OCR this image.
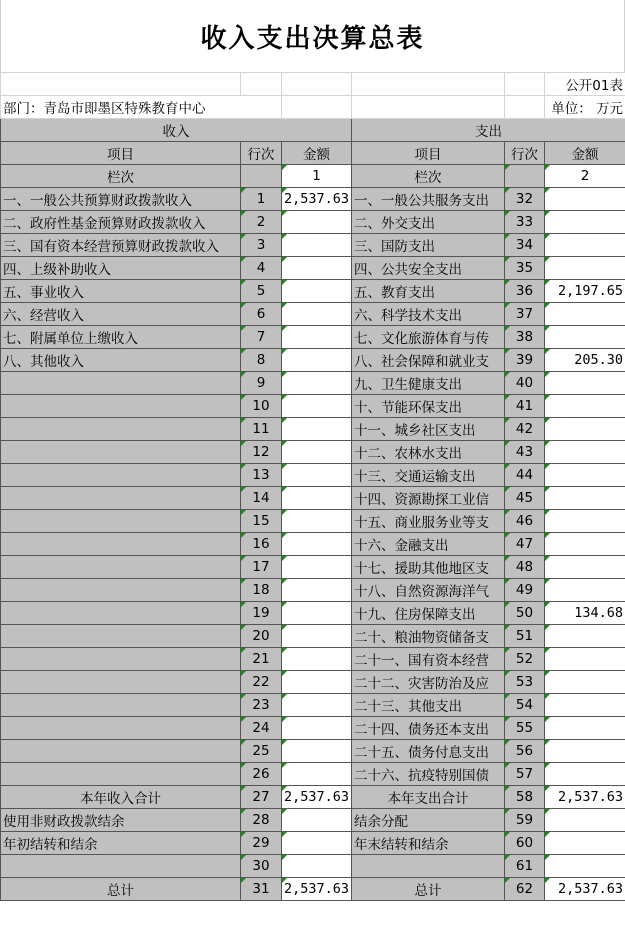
收入支出决算总表
					公开01表
部门：青岛市即墨区特殊教育中心					单位： 万元
收入			支出		
项目	行次	金额	项目	行次	金额
栏次		1	栏次		2
一、一般公共预算财政拨款收入	1	2,537.63	一、一般公共服务支出	32	
二、政府性基金预算财政拨款收入	2		二、外交支出	33	
三、国有资本经营预算财政拨款收入	3		三、国防支出	34	
四、上级补助收入	4		四、公共安全支出	35	
五、事业收入	5		五、教育支出	36	2,197.65
六、经营收入	6		六、科学技术支出	37	
七、附属单位上缴收入	7		七、文化旅游体育与传	38	
八、其他收入	8		八、社会保障和就业支	39	205.30
	9		九、卫生健康支出	40	
	10		十、节能环保支出	41	
	11		十一、城乡社区支出	42	
	12		十二、农林水支出	43	
	13		十三、交通运输支出	44	
	14		十四、资源勘探工业信	45	
	15		十五、商业服务业等支	46	
	16		十六、金融支出	47	
	17		十七、援助其他地区支	48	
	18		十八、自然资源海洋气	49	
	19		十九、住房保障支出	50	134.68
	20		二十、粮油物资储备支	51	
	21		二十一、国有资本经营	52	
	22		二十二、灾害防治及应	53	
	23		二十三、其他支出	54	
	24		二十四、债务还本支出	55	
	25		二十五、债务付息支出	56	
	26		二十六、抗疫特别国债	57	
本年收入合计	27	2,537.63	本年支出合计	58	2,537.63
使用非财政拨款结余	28		结余分配	59	
年初结转和结余	29		年末结转和结余	60	
	30			61	
总计	31	2,537.63	总计	62	2,537.63
